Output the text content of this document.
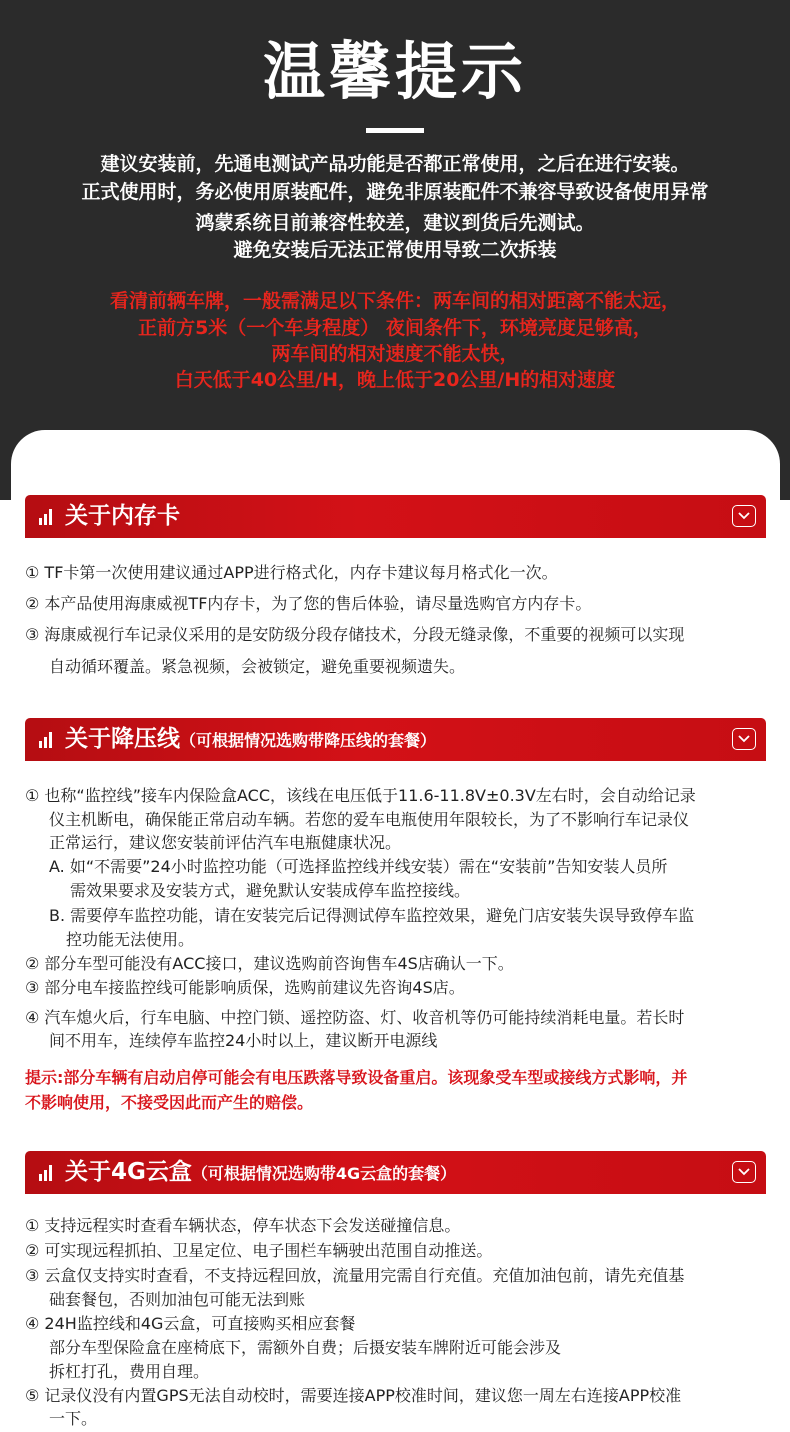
温馨提示
建议安装前，先通电测试产品功能是否都正常使用，之后在进行安装。
正式使用时，务必使用原装配件，避免非原装配件不兼容导致设备使用异常
鸿蒙系统目前兼容性较差，建议到货后先测试。
避免安装后无法正常使用导致二次拆装
看清前辆车牌，一般需满足以下条件：两车间的相对距离不能太远，
正前方5米（一个车身程度） 夜间条件下，环境亮度足够高，
两车间的相对速度不能太快，
白天低于40公里/H，晚上低于20公里/H的相对速度
关于内存卡
① TF卡第一次使用建议通过APP进行格式化，内存卡建议每月格式化一次。
② 本产品使用海康威视TF内存卡，为了您的售后体验，请尽量选购官方内存卡。
③ 海康威视行车记录仪采用的是安防级分段存储技术，分段无缝录像，不重要的视频可以实现
自动循环覆盖。紧急视频，会被锁定，避免重要视频遗失。
关于降压线（可根据情况选购带降压线的套餐）
① 也称“监控线”接车内保险盒ACC，该线在电压低于11.6-11.8V±0.3V左右时，会自动给记录
仪主机断电，确保能正常启动车辆。若您的爱车电瓶使用年限较长，为了不影响行车记录仪
正常运行，建议您安装前评估汽车电瓶健康状况。
A. 如“不需要”24小时监控功能（可选择监控线并线安装）需在“安装前”告知安装人员所
需效果要求及安装方式，避免默认安装成停车监控接线。
B. 需要停车监控功能，请在安装完后记得测试停车监控效果，避免门店安装失误导致停车监
控功能无法使用。
② 部分车型可能没有ACC接口，建议选购前咨询售车4S店确认一下。
③ 部分电车接监控线可能影响质保，选购前建议先咨询4S店。
④ 汽车熄火后，行车电脑、中控门锁、遥控防盗、灯、收音机等仍可能持续消耗电量。若长时
间不用车，连续停车监控24小时以上，建议断开电源线
提示:部分车辆有启动启停可能会有电压跌落导致设备重启。该现象受车型或接线方式影响，并
不影响使用，不接受因此而产生的赔偿。
关于4G云盒（可根据情况选购带4G云盒的套餐）
① 支持远程实时查看车辆状态，停车状态下会发送碰撞信息。
② 可实现远程抓拍、卫星定位、电子围栏车辆驶出范围自动推送。
③ 云盒仅支持实时查看，不支持远程回放，流量用完需自行充值。充值加油包前，请先充值基
础套餐包，否则加油包可能无法到账
④ 24H监控线和4G云盒，可直接购买相应套餐
部分车型保险盒在座椅底下，需额外自费；后摄安装车牌附近可能会涉及
拆杠打孔，费用自理。
⑤ 记录仪没有内置GPS无法自动校时，需要连接APP校准时间，建议您一周左右连接APP校准
一下。
